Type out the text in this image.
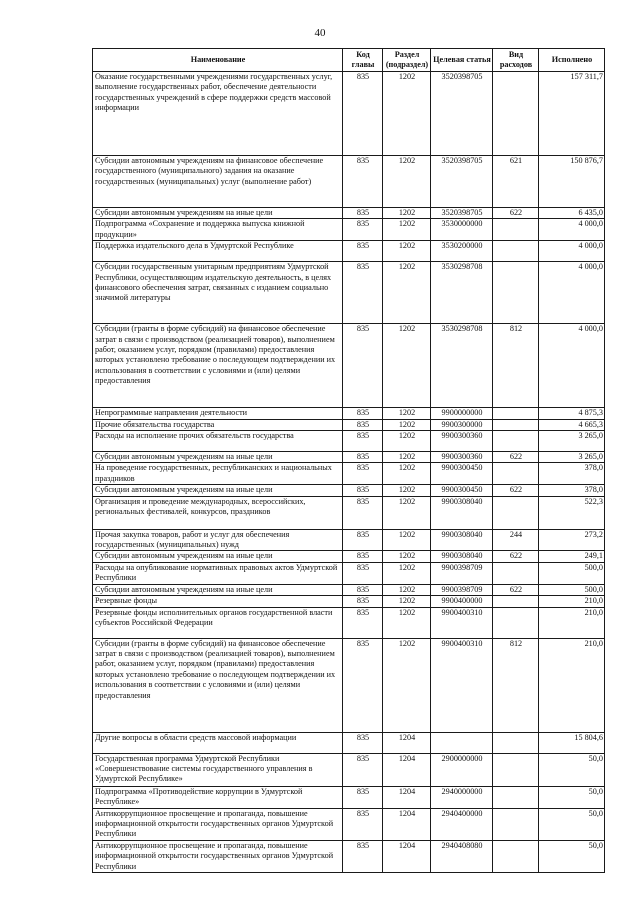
40
Наименование	Код главы	Раздел (подраздел)	Целевая статья	Вид расходов	Исполнено
Оказание государственными учреждениями государственных услуг, выполнение государственных работ, обеспечение деятельности государственных учреждений в сфере поддержки средств массовой информации	835	1202	3520398705		157 311,7
Субсидии автономным учреждениям на финансовое обеспечение государственного (муниципального) задания на оказание государственных (муниципальных) услуг (выполнение работ)	835	1202	3520398705	621	150 876,7
Субсидии автономным учреждениям на иные цели	835	1202	3520398705	622	6 435,0
Подпрограмма «Сохранение и поддержка выпуска книжной продукции»	835	1202	3530000000		4 000,0
Поддержка издательского дела в Удмуртской Республике	835	1202	3530200000		4 000,0
Субсидии государственным унитарным предприятиям Удмуртской Республики, осуществляющим издательскую деятельность, в целях финансового обеспечения затрат, связанных с изданием социально значимой литературы	835	1202	3530298708		4 000,0
Субсидии (гранты в форме субсидий) на финансовое обеспечение затрат в связи с производством (реализацией товаров), выполнением работ, оказанием услуг, порядком (правилами) предоставления которых установлено требование о последующем подтверждении их использования в соответствии с условиями и (или) целями предоставления	835	1202	3530298708	812	4 000,0
Непрограммные направления деятельности	835	1202	9900000000		4 875,3
Прочие обязательства государства	835	1202	9900300000		4 665,3
Расходы на исполнение прочих обязательств государства	835	1202	9900300360		3 265,0
Субсидии автономным учреждениям на иные цели	835	1202	9900300360	622	3 265,0
На проведение государственных, республиканских и национальных праздников	835	1202	9900300450		378,0
Субсидии автономным учреждениям на иные цели	835	1202	9900300450	622	378,0
Организация и проведение международных, всероссийских, региональных фестивалей, конкурсов, праздников	835	1202	9900308040		522,3
Прочая закупка товаров, работ и услуг для обеспечения государственных (муниципальных) нужд	835	1202	9900308040	244	273,2
Субсидии автономным учреждениям на иные цели	835	1202	9900308040	622	249,1
Расходы на опубликование нормативных правовых актов Удмуртской Республики	835	1202	9900398709		500,0
Субсидии автономным учреждениям на иные цели	835	1202	9900398709	622	500,0
Резервные фонды	835	1202	9900400000		210,0
Резервные фонды исполнительных органов государственной власти субъектов Российской Федерации	835	1202	9900400310		210,0
Субсидии (гранты в форме субсидий) на финансовое обеспечение затрат в связи с производством (реализацией товаров), выполнением работ, оказанием услуг, порядком (правилами) предоставления которых установлено требование о последующем подтверждении их использования в соответствии с условиями и (или) целями предоставления	835	1202	9900400310	812	210,0
Другие вопросы в области средств массовой информации	835	1204			15 804,6
Государственная программа Удмуртской Республики «Совершенствование системы государственного управления в Удмуртской Республике»	835	1204	2900000000		50,0
Подпрограмма «Противодействие коррупции в Удмуртской Республике»	835	1204	2940000000		50,0
Антикоррупционное просвещение и пропаганда, повышение информационной открытости государственных органов Удмуртской Республики	835	1204	2940400000		50,0
Антикоррупционное просвещение и пропаганда, повышение информационной открытости государственных органов Удмуртской Республики	835	1204	2940408080		50,0
